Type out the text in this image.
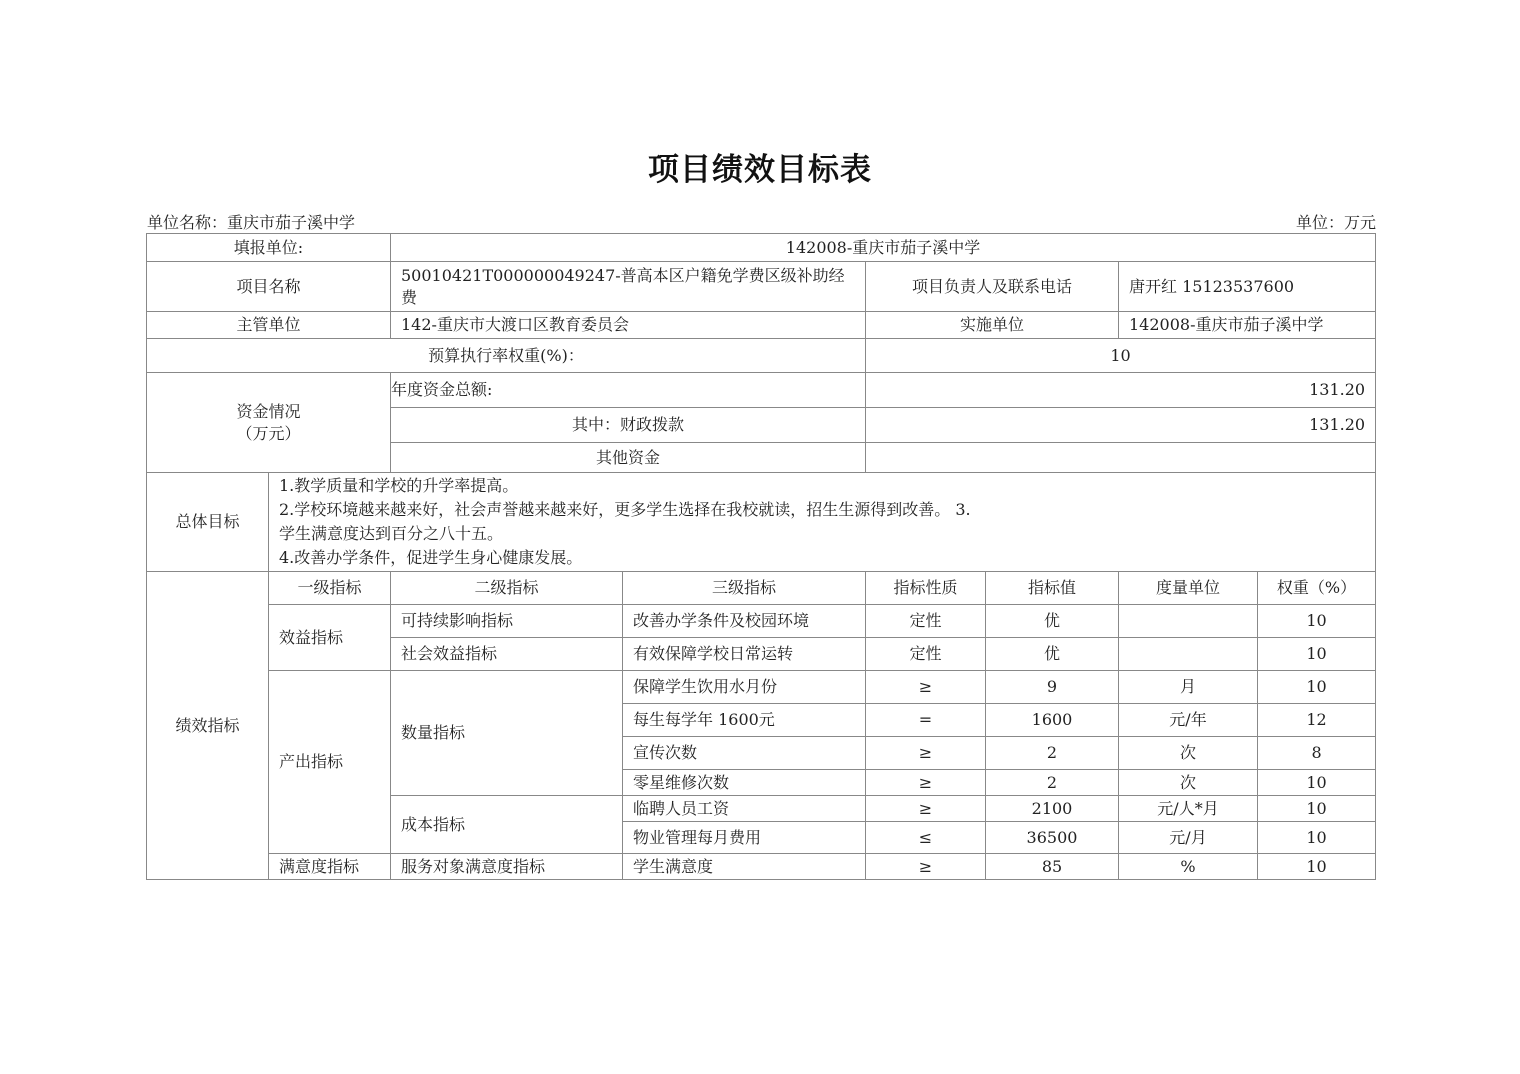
项目绩效目标表
单位名称：重庆市茄子溪中学	单位：万元
填报单位:		142008-重庆市茄子溪中学					
项目名称		50010421T000000049247-普高本区户籍免学费区级补助经费		项目负责人及联系电话		唐开红 15123537600	
主管单位		142-重庆市大渡口区教育委员会		实施单位		142008-重庆市茄子溪中学	
预算执行率权重(%)：				10			

资金情况
（万元）		年度资金总额:		131.20			
		其中：财政拨款		131.20			
		其他资金					
总体目标	1.教学质量和学校的升学率提高。
2.学校环境越来越来好，社会声誉越来越来好，更多学生选择在我校就读，招生生源得到改善。 3.
学生满意度达到百分之八十五。
4.改善办学条件，促进学生身心健康发展。						

绩效指标	一级指标	二级指标	三级指标	指标性质	指标值	度量单位	权重（%）
	效益指标	可持续影响指标	改善办学条件及校园环境	定性	优		10
		社会效益指标	有效保障学校日常运转	定性	优		10
	产出指标	数量指标	保障学生饮用水月份	≥	9	月	10
			每生每学年 1600元	=	1600	元/年	12
			宣传次数	≥	2	次	8
			零星维修次数	≥	2	次	10
		成本指标	临聘人员工资	≥	2100	元/人*月	10
			物业管理每月费用	≤	36500	元/月	10
	满意度指标	服务对象满意度指标	学生满意度	≥	85	%	10
